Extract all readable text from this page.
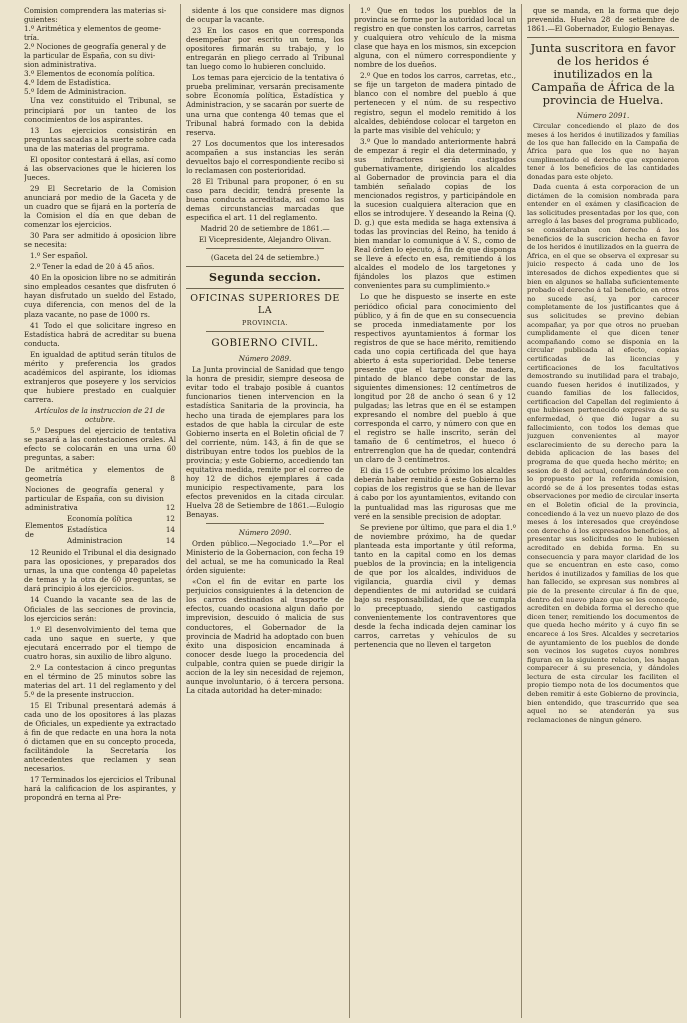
Comision comprendera las materias si-
guientes:
1.º Aritmética y elementos de geome-
tría.
2.º Nociones de geografía general y de
la particular de España, con su divi-
sion administrativa.
3.º Elementos de economía política.
4.º Idem de Estadística.
5.º Idem de Administracion.

Una vez constituido el Tribunal, se principiará por un tanteo de los conocimientos de los aspirantes.

13 Los ejercicios consistirán en preguntas sacadas a la suerte sobre cada una de las materias del programa.

El opositor contestará á ellas, así como á las observaciones que le hicieren los Jueces.

29 El Secretario de la Comision anunciará por medio de la Gaceta y de un cuadro que se fijará en la portería de la Comision el día en que deban de comenzar los ejercicios.

30 Para ser admitido á oposicion libre se necesita:

1.º Ser español.

2.º Tener la edad de 20 á 45 años.

40 En la oposicion libre no se admitirán sino empleados cesantes que disfruten ó hayan disfrutado un sueldo del Estado, cuya diferencia, con menos del de la plaza vacante, no pase de 1000 rs.

41 Todo el que solicitare ingreso en Estadística habrá de acreditar su buena conducta.

En igualdad de aptitud serán títulos de mérito y preferencia los grados académicos del aspirante, los idiomas extranjeros que poseyere y los servicios que hubiere prestado en cualquier carrera.

Artículos de la instruccion de 21 de octubre.

5.º Despues del ejercicio de tentativa se pasará a las contestaciones orales. Al efecto se colocarán en una urna 60 preguntas, a saber:

De aritmética y elementos de geometría		8
Nociones de geografía general y particular de España, con su division administrativa		12
Elementos de	Economía política	12
	Estadística	14
	Administracion	14

12 Reunido el Tribunal el dia designado para las oposiciones, y preparados dos urnas, la una que contenga 40 papeletas de temas y la otra de 60 preguntas, se dará principio á los ejercicios.

14 Cuando la vacante sea de las de Oficiales de las secciones de provincia, los ejercicios serán:

1.º El desenvolvimiento del tema que cada uno saque en suerte, y que ejecutará encerrado por el tiempo de cuatro horas, sin auxilio de libro alguno.

2.º La contestacion á cinco preguntas en el término de 25 minutos sobre las materias del art. 11 del reglamento y del 5.º de la presente instruccion.

15 El Tribunal presentará además á cada uno de los opositores á las plazas de Oficiales, un expediente ya extractado á fin de que redacte en una hora la nota ó dictamen que en su concepto proceda, facilitándole la Secretaría los antecedentes que reclamen y sean necesarios.

17 Terminados los ejercicios el Tribunal hará la calificacion de los aspirantes, y propondrá en terna al Pre-

sidente á los que considere mas dignos de ocupar la vacante.

23 En los casos en que corresponda desempeñar por escrito un tema, los opositores firmarán su trabajo, y lo entregarán en pliego cerrado al Tribunal tan luego como lo hubieren concluido.

Los temas para ejercicio de la tentativa ó prueba preliminar, versarán precisamente sobre Economía política, Estadística y Administracion, y se sacarán por suerte de una urna que contenga 40 temas que el Tribunal habrá formado con la debida reserva.

27 Los documentos que los interesados acompañen a sus instancias les serán devueltos bajo el correspondiente recibo si lo reclamasen con posterioridad.

28 El Tribunal para proponer, ó en su caso para decidir, tendrá presente la buena conducta acreditada, así como las demas circunstancias marcadas que especifica el art. 11 del reglamento.

Madrid 20 de setiembre de 1861.—

El Vicepresidente, Alejandro Olivan.

(Gaceta del 24 de setiembre.)

Segunda seccion.
OFICINAS SUPERIORES DE LA
PROVINCIA.
GOBIERNO CIVIL.

Número 2089.

La Junta provincial de Sanidad que tengo la honra de presidir, siempre deseosa de evitar todo el trabajo posible á cuantos funcionarios tienen intervencion en la estadística Sanitaria de la provincia, ha hecho una tirada de ejemplares para los estados de que habla la circular de este Gobierno inserta en el Boletin oficial de 7 del corriente, núm. 143, á fin de que se distribuyan entre todos los pueblos de la provincia; y este Gobierno, accediendo tan equitativa medida, remite por el correo de hoy 12 de dichos ejemplares á cada municipio respectivamente, para los efectos prevenidos en la citada circular. Huelva 28 de Setiembre de 1861.—Eulogio Benayas.

Número 2090.

Orden público.—Negociado 1.º—Por el Ministerio de la Gobernacion, con fecha 19 del actual, se me ha comunicado la Real órden siguiente:

«Con el fin de evitar en parte los perjuicios consiguientes á la detencion de los carros destinados al trasporte de efectos, cuando ocasiona algun daño por imprevision, descuido ó malicia de sus conductores, el Gobernador de la provincia de Madrid ha adoptado con buen éxito una disposicion encaminada á conocer desde luego la procedencia del culpable, contra quien se puede dirigir la accion de la ley sin necesidad de rejemon, aunque involuntario, ó á tercera persona. La citada autoridad ha deter-minado:

1.º Que en todos los pueblos de la provincia se forme por la autoridad local un registro en que consten los carros, carretas y cualquiera otro vehículo de la misma clase que haya en los mismos, sin excepcion alguna, con el número correspondiente y nombre de los dueños.

2.º Que en todos los carros, carretas, etc., se fije un targeton de madera pintado de blanco con el nombre del pueblo á que pertenecen y el núm. de su respectivo registro, segun el modelo remitido á los alcaldes, debiéndose colocar el targeton en la parte mas visible del vehículo; y

3.º Que lo mandado anteriormente habrá de empezar á regir el dia determinado, y sus infractores serán castigados gubernativamente, dirigiendo los alcaldes al Gobernador de provincia para el dia también señalado copias de los mencionados registros, y participándole en la sucesion cualquiera alteracion que en ellos se introdujere. Y deseando la Reina (Q. D. g.) que esta medida se haga extensiva á todas las provincias del Reino, ha tenido á bien mandar lo comunique á V. S., como de Real órden lo ejecuto, á fin de que disponga se lleve á efecto en esa, remitiendo á los alcaldes el modelo de los targetones y fijándoles los plazos que estimen convenientes para su cumplimiento.»

Lo que he dispuesto se inserte en este periódico oficial para conocimiento del público, y á fin de que en su consecuencia se proceda inmediatamente por los respectivos ayuntamientos á formar los registros de que se hace mérito, remitiendo cada uno copia certificada del que haya abierto á esta superioridad. Debe tenerse presente que el targeton de madera, pintado de blanco debe constar de las siguientes dimensiones: 12 centímetros de longitud por 28 de ancho ó sean 6 y 12 pulgadas; las letras que en él se estampen expresando el nombre del pueblo á que corresponda el carro, y número con que en el registro se halle inscrito, serán del tamaño de 6 centímetros, el hueco ó entrerrenglon que ha de quedar, contendrá un claro de 3 centímetros.

El dia 15 de octubre próximo los alcaldes deberán haber remitido á este Gobierno las copias de los registros que se han de llevar á cabo por los ayuntamientos, evitando con la puntualidad mas las rigurosas que me veré en la sensible precision de adoptar.

Se previene por último, que para el dia 1.º de noviembre próximo, ha de quedar planteada esta importante y útil reforma, tanto en la capital como en los demas pueblos de la provincia; en la inteligencia de que por los alcaldes, individuos de vigilancia, guardia civil y demas dependientes de mi autoridad se cuidará bajo su responsabilidad, de que se cumpla lo preceptuado, siendo castigados convenientemente los contraventores que desde la fecha indicada dejen caminar los carros, carretas y vehículos de su pertenencia que no lleven el targeton

que se manda, en la forma que dejo prevenida. Huelva 28 de setiembre de 1861.—El Gobernador, Eulogio Benayas.

Junta suscritora en favor de los heridos é inutilizados en la Campaña de África de la provincia de Huelva.

Número 2091.

Circular concediendo el plazo de dos meses á los heridos é inutilizados y familias de los que han fallecido en la Campaña de África para que los que no hayan cumplimentado el derecho que exponieron tener á los beneficios de las cantidades donadas para este objeto.

Dada cuenta á esta corporacion de un dictámen de la comision nombrada para entender en el exámen y clasificacion de las solicitudes presentadas por los que, con arreglo á las bases del programa publicado, se consideraban con derecho á los beneficios de la suscricion hecha en favor de los heridos é inutilizados en la guerra de África, en el que se observa el expresar su juicio respecto á cada uno de los interesados de dichos expedientes que si bien en algunos se hallaba suficientemente probado el derecho á tal beneficio, en otros no sucede así, ya por carecer completamente de los justificantes que á sus solicitudes se previno debian acompañar, ya por que otros no prueban cumplidamente el que dicen tener acompañando como se disponia en la circular publicada al efecto, copias certificadas de las licencias y certificaciones de los facultativos demostrando su inutilidad para el trabajo, cuando fuesen heridos é inutilizados, y cuando familias de los fallecidos, certificacion del Capellan del regimiento á que hubiesen pertenecido expresiva de su enfermedad, ó que dió lugar a su fallecimiento, con todos los demas que juzguen convenientes al mayor esclarecimiento de su derecho para la debida aplicacion de las bases del programa de que queda hecho mérito; en sesion de 8 del actual, conformándose con lo propuesto por la referida comision, acordó se de á los presentes todas estas observaciones por medio de circular inserta en el Boletin oficial de la provincia, concediendo á la vez un nuevo plazo de dos meses á los interesados que creyéndose con derecho á los expresados beneficios, al presentar sus solicitudes no le hubiesen acreditado en debida forma. En su consecuencia y para mayor claridad de los que se encuentran en este caso, como heridos é inutilizados y familias de los que han fallecido, se expresan sus nombres al pie de la presente circular á fin de que, dentro del nuevo plazo que se les concede, acrediten en debida forma el derecho que dicen tener, remitiendo los documentos de que queda hecho mérito y á cuyo fin se encarece á los Sres. Alcaldes y secretarios de ayuntamiento de los pueblos de donde son vecinos los sugetos cuyos nombres figuran en la siguiente relacion, les hagan comparecer á su presencia, y dándoles lectura de esta circular les faciliten el propio tiempo nota de los documentos que deben remitir á este Gobierno de provincia, bien entendido, que trascurrido que sea aquel no se atenderán ya sus reclamaciones de ningun género.
